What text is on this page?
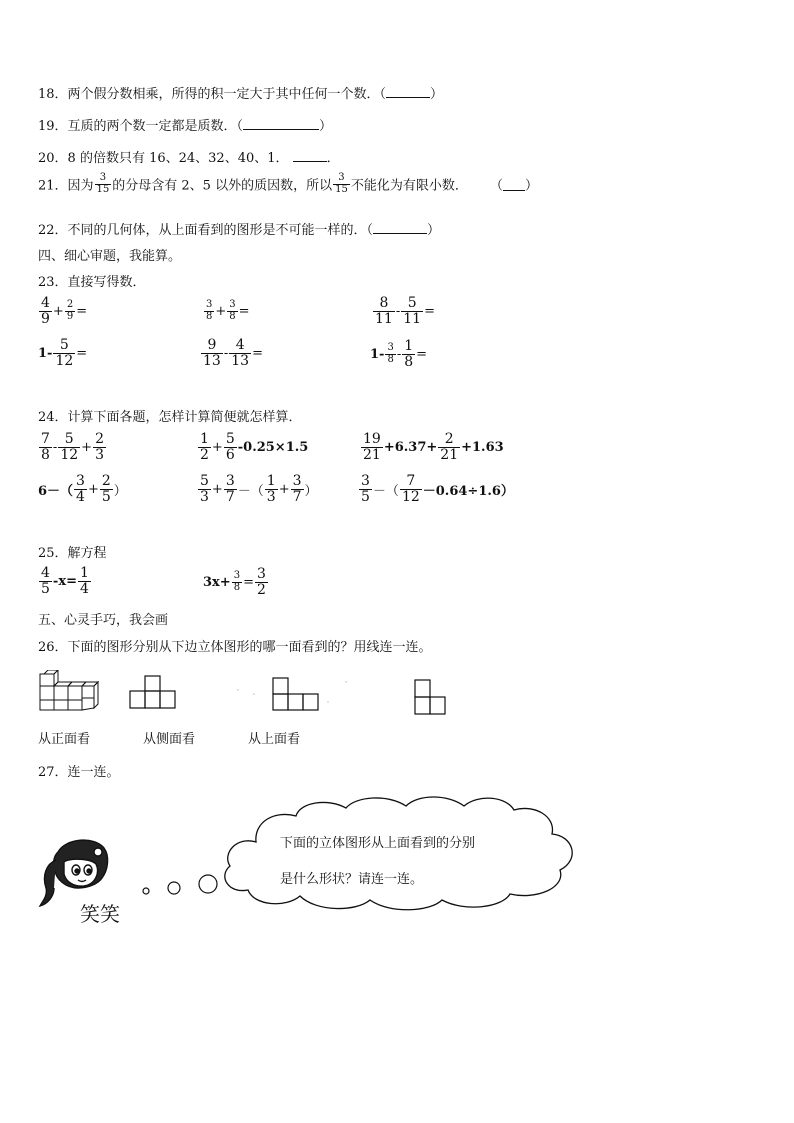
18．两个假分数相乘，所得的积一定大于其中任何一个数．（	）
19．互质的两个数一定都是质数．（	）
20．8 的倍数只有 16、24、32、40、1．	．
21．因为 $\frac{3}{15}$ 的分母含有 2、5 以外的质因数，所以 $\frac{3}{15}$ 不能化为有限小数． （ ）
22．不同的几何体，从上面看到的图形是不可能一样的．（	）
四、细心审题，我能算。
23．直接写得数．
$\frac{4}{9} + \frac{2}{9}$ =	$\frac{3}{8} + \frac{3}{8}$ =	$\frac{8}{11} - \frac{5}{11}$ =
$1- \frac{5}{12}$ =	$\frac{9}{13} - \frac{4}{13}$ =	$1- \frac{3}{8} - \frac{1}{8}$ =
24．计算下面各题，怎样计算简便就怎样算．
$\frac{7}{8} - \frac{5}{12} + \frac{2}{3}$	$\frac{1}{2} + \frac{5}{6} -0.25\times 1.5$	$\frac{19}{21} +6.37+ \frac{2}{21} +1.63$
$6-( \frac{3}{4} + \frac{2}{5}$ ）	$\frac{5}{3} + \frac{3}{7}$ －（ $\frac{1}{3} + \frac{3}{7}$ ）	$\frac{3}{5}$ －（ $\frac{7}{12} -0.64\div 1.6$）
25．解方程
$\frac{4}{5} -x= \frac{1}{4}$	$3x+ \frac{3}{8} = \frac{3}{2}$
五、心灵手巧，我会画
26．下面的图形分别从下边立体图形的哪一面看到的？用线连一连。
从正面看	从侧面看	从上面看
27．连一连。
笑笑
下面的立体图形从上面看到的分别
是什么形状？请连一连。
